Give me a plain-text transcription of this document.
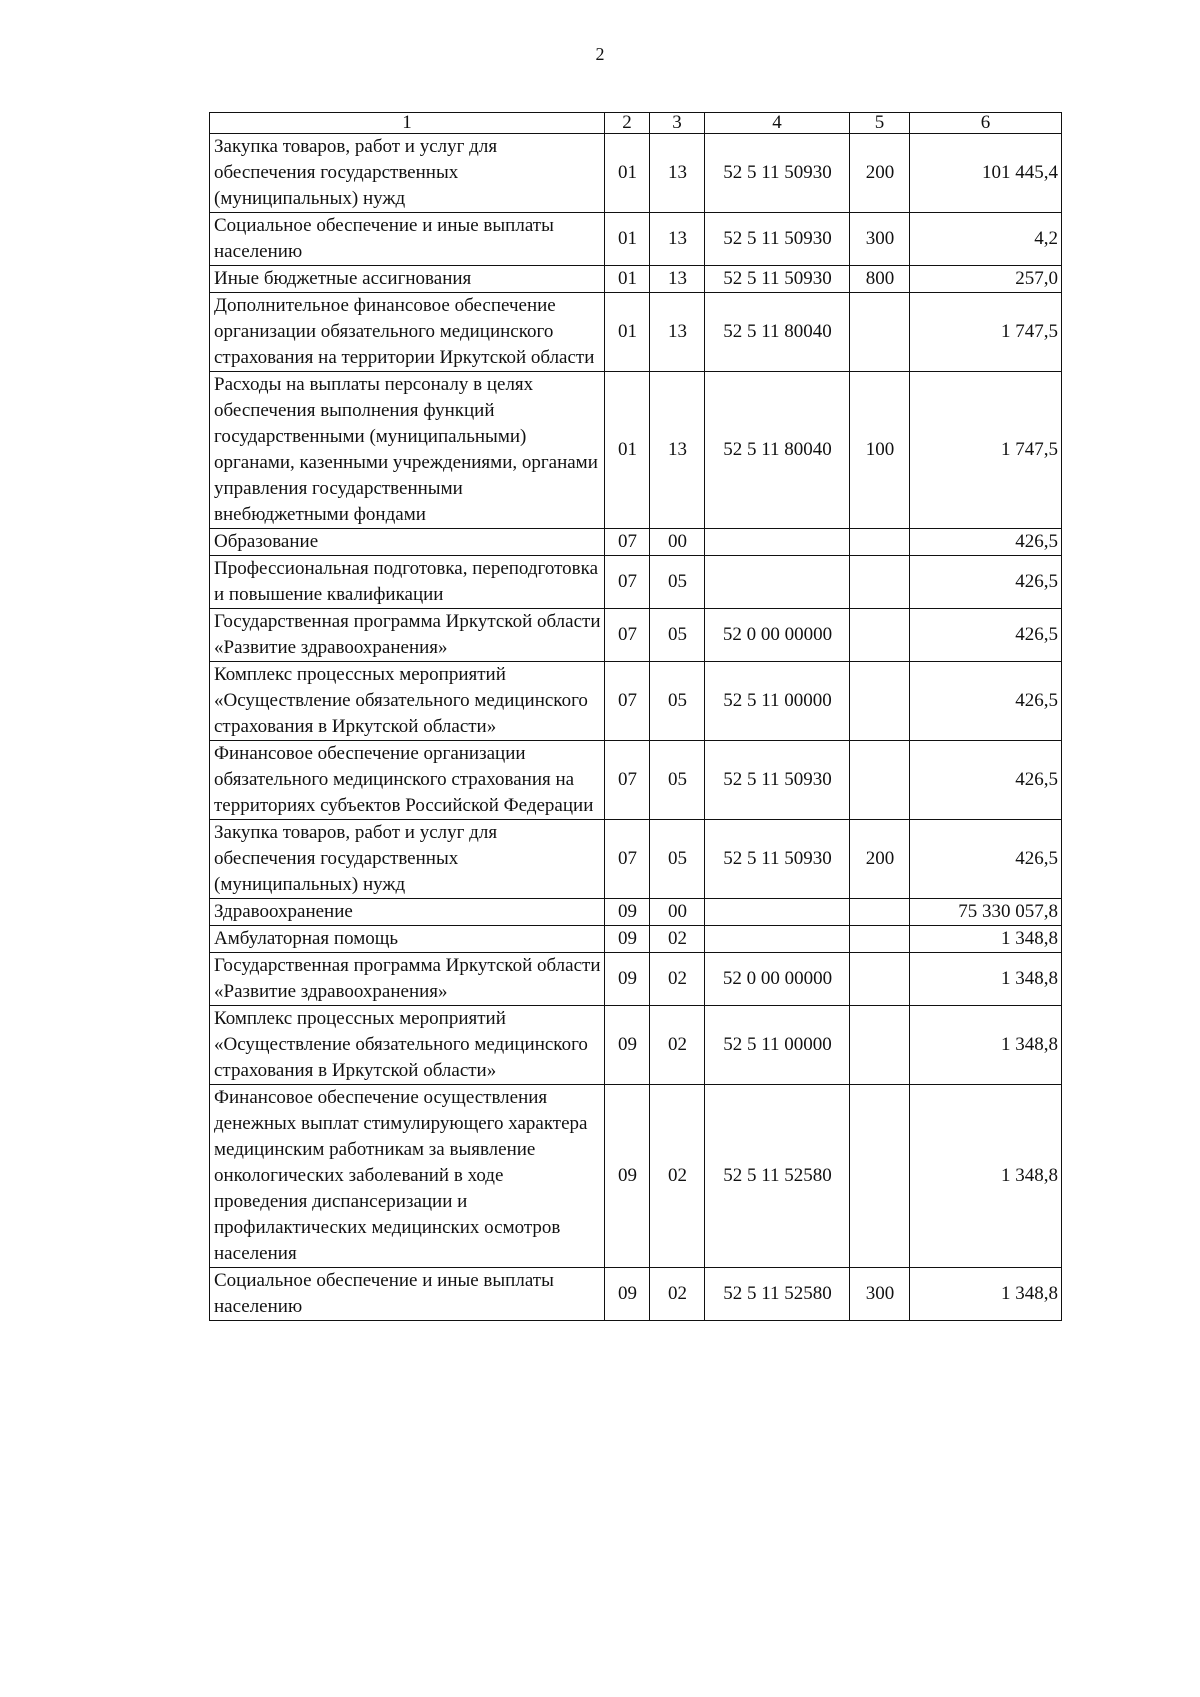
2
1	2	3	4	5	6
Закупка товаров, работ и услуг для обеспечения государственных (муниципальных) нужд	01	13	52 5 11 50930	200	101 445,4
Социальное обеспечение и иные выплаты населению	01	13	52 5 11 50930	300	4,2
Иные бюджетные ассигнования	01	13	52 5 11 50930	800	257,0
Дополнительное финансовое обеспечение организации обязательного медицинского страхования на территории Иркутской области	01	13	52 5 11 80040		1 747,5
Расходы на выплаты персоналу в целях обеспечения выполнения функций государственными (муниципальными) органами, казенными учреждениями, органами управления государственными внебюджетными фондами	01	13	52 5 11 80040	100	1 747,5
Образование	07	00			426,5
Профессиональная подготовка, переподготовка и повышение квалификации	07	05			426,5
Государственная программа Иркутской области «Развитие здравоохранения»	07	05	52 0 00 00000		426,5
Комплекс процессных мероприятий «Осуществление обязательного медицинского страхования в Иркутской области»	07	05	52 5 11 00000		426,5
Финансовое обеспечение организации обязательного медицинского страхования на территориях субъектов Российской Федерации	07	05	52 5 11 50930		426,5
Закупка товаров, работ и услуг для обеспечения государственных (муниципальных) нужд	07	05	52 5 11 50930	200	426,5
Здравоохранение	09	00			75 330 057,8
Амбулаторная помощь	09	02			1 348,8
Государственная программа Иркутской области «Развитие здравоохранения»	09	02	52 0 00 00000		1 348,8
Комплекс процессных мероприятий «Осуществление обязательного медицинского страхования в Иркутской области»	09	02	52 5 11 00000		1 348,8
Финансовое обеспечение осуществления денежных выплат стимулирующего характера медицинским работникам за выявление онкологических заболеваний в ходе проведения диспансеризации и профилактических медицинских осмотров населения	09	02	52 5 11 52580		1 348,8
Социальное обеспечение и иные выплаты населению	09	02	52 5 11 52580	300	1 348,8
